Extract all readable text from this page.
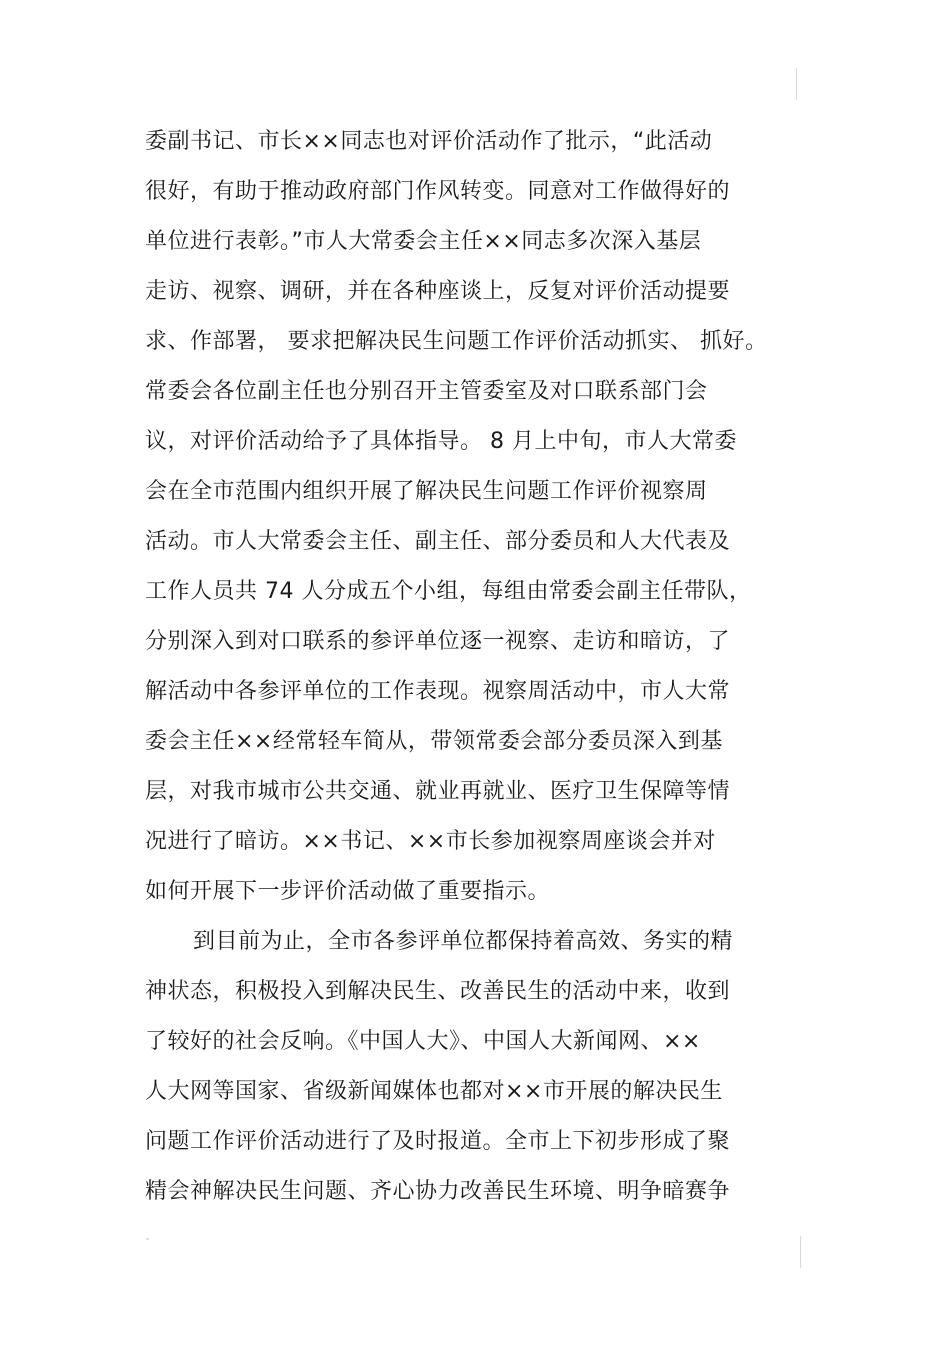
委副书记、市长××同志也对评价活动作了批示，“此活动
很好，有助于推动政府部门作风转变。同意对工作做得好的
单位进行表彰。”市人大常委会主任××同志多次深入基层
走访、视察、调研，并在各种座谈上，反复对评价活动提要
求、作部署， 要求把解决民生问题工作评价活动抓实、 抓好。
常委会各位副主任也分别召开主管委室及对口联系部门会
议，对评价活动给予了具体指导。 8 月上中旬，市人大常委
会在全市范围内组织开展了解决民生问题工作评价视察周
活动。市人大常委会主任、副主任、部分委员和人大代表及
工作人员共 74 人分成五个小组，每组由常委会副主任带队，
分别深入到对口联系的参评单位逐一视察、走访和暗访，了
解活动中各参评单位的工作表现。视察周活动中，市人大常
委会主任××经常轻车简从，带领常委会部分委员深入到基
层，对我市城市公共交通、就业再就业、医疗卫生保障等情
况进行了暗访。××书记、××市长参加视察周座谈会并对
如何开展下一步评价活动做了重要指示。
到目前为止，全市各参评单位都保持着高效、务实的精
神状态，积极投入到解决民生、改善民生的活动中来，收到
了较好的社会反响。《中国人大》、中国人大新闻网、××
人大网等国家、省级新闻媒体也都对××市开展的解决民生
问题工作评价活动进行了及时报道。全市上下初步形成了聚
精会神解决民生问题、齐心协力改善民生环境、明争暗赛争
